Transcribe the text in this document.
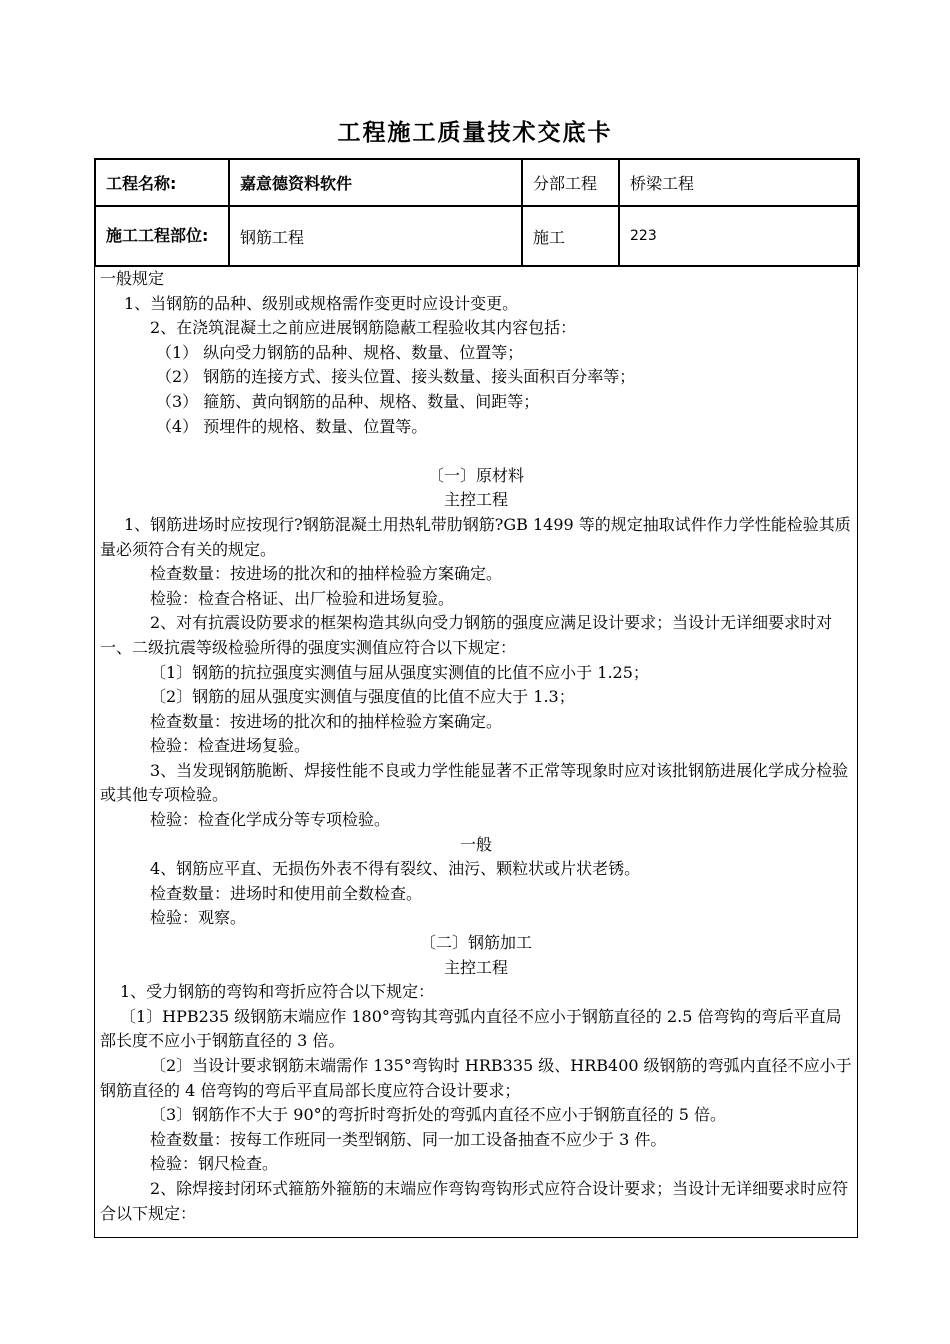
工程施工质量技术交底卡
工程名称:	嘉意德资料软件	分部工程	桥梁工程
施工工程部位:	钢筋工程	施工	223

一般规定

1、当钢筋的品种、级别或规格需作变更时应设计变更。

2、在浇筑混凝土之前应进展钢筋隐蔽工程验收其内容包括：

（1） 纵向受力钢筋的品种、规格、数量、位置等；

（2） 钢筋的连接方式、接头位置、接头数量、接头面积百分率等；

（3） 箍筋、黄向钢筋的品种、规格、数量、间距等；

（4） 预埋件的规格、数量、位置等。

〔一〕原材料

主控工程

1、钢筋进场时应按现行?钢筋混凝土用热轧带肋钢筋?GB 1499 等的规定抽取试件作力学性能检验其质量必须符合有关的规定。

检查数量：按进场的批次和的抽样检验方案确定。

检验：检查合格证、出厂检验和进场复验。

2、对有抗震设防要求的框架构造其纵向受力钢筋的强度应满足设计要求；当设计无详细要求时对一、二级抗震等级检验所得的强度实测值应符合以下规定：

〔1〕钢筋的抗拉强度实测值与屈从强度实测值的比值不应小于 1.25；

〔2〕钢筋的屈从强度实测值与强度值的比值不应大于 1.3；

检查数量：按进场的批次和的抽样检验方案确定。

检验：检查进场复验。

3、当发现钢筋脆断、焊接性能不良或力学性能显著不正常等现象时应对该批钢筋进展化学成分检验或其他专项检验。

检验：检查化学成分等专项检验。

一般

4、钢筋应平直、无损伤外表不得有裂纹、油污、颗粒状或片状老锈。

检查数量：进场时和使用前全数检查。

检验：观察。

〔二〕钢筋加工

主控工程

1、受力钢筋的弯钩和弯折应符合以下规定：

〔1〕HPB235 级钢筋末端应作 180°弯钩其弯弧内直径不应小于钢筋直径的 2.5 倍弯钩的弯后平直局部长度不应小于钢筋直径的 3 倍。

〔2〕当设计要求钢筋末端需作 135°弯钩时 HRB335 级、HRB400 级钢筋的弯弧内直径不应小于钢筋直径的 4 倍弯钩的弯后平直局部长度应符合设计要求；

〔3〕钢筋作不大于 90°的弯折时弯折处的弯弧内直径不应小于钢筋直径的 5 倍。

检查数量：按每工作班同一类型钢筋、同一加工设备抽查不应少于 3 件。

检验：钢尺检查。

2、除焊接封闭环式箍筋外箍筋的末端应作弯钩弯钩形式应符合设计要求；当设计无详细要求时应符合以下规定：
